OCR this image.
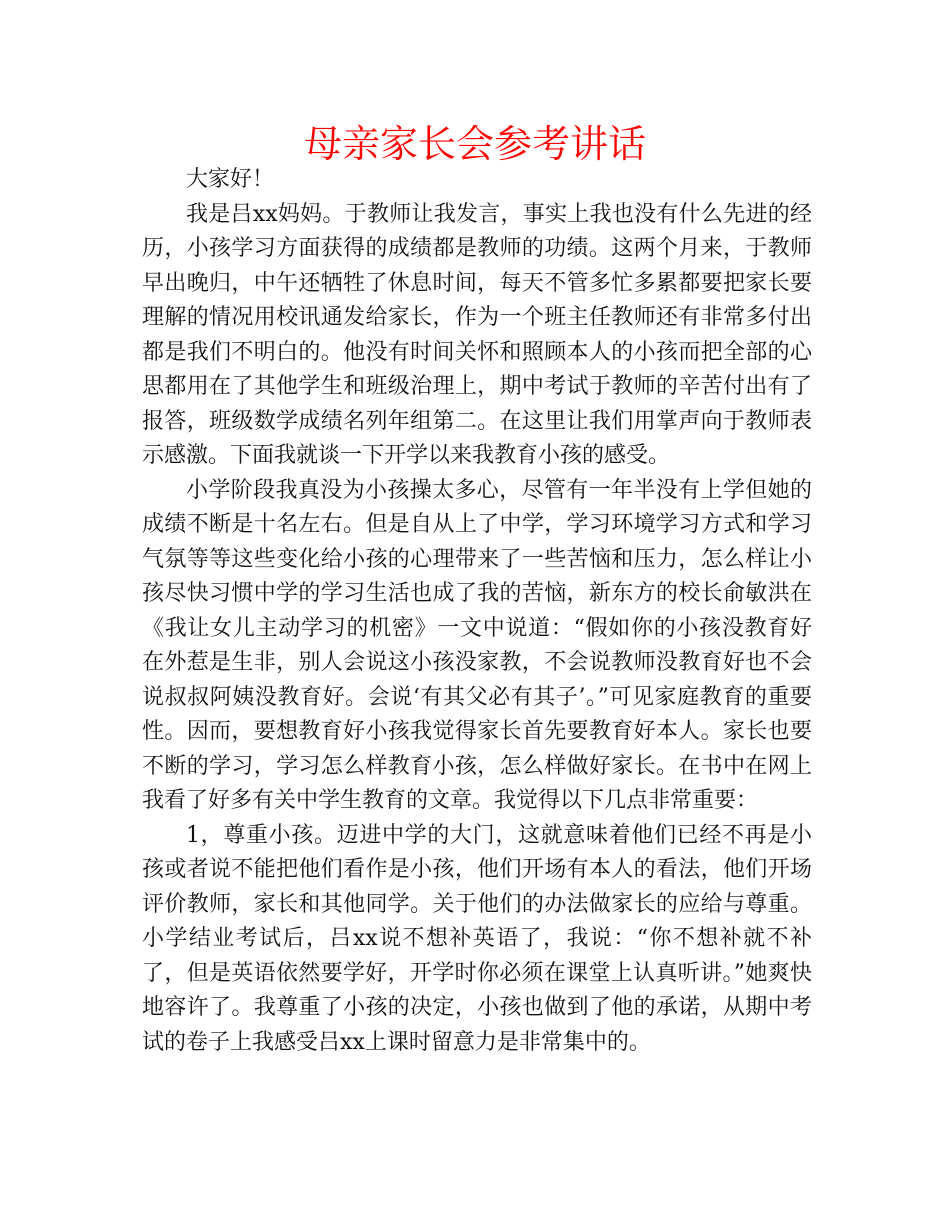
母亲家长会参考讲话

大家好！

我是吕xx妈妈。于教师让我发言，事实上我也没有什么先进的经历，小孩学习方面获得的成绩都是教师的功绩。这两个月来，于教师早出晚归，中午还牺牲了休息时间，每天不管多忙多累都要把家长要理解的情况用校讯通发给家长，作为一个班主任教师还有非常多付出都是我们不明白的。他没有时间关怀和照顾本人的小孩而把全部的心思都用在了其他学生和班级治理上，期中考试于教师的辛苦付出有了报答，班级数学成绩名列年组第二。在这里让我们用掌声向于教师表示感激。下面我就谈一下开学以来我教育小孩的感受。

小学阶段我真没为小孩操太多心，尽管有一年半没有上学但她的成绩不断是十名左右。但是自从上了中学，学习环境学习方式和学习气氛等等这些变化给小孩的心理带来了一些苦恼和压力，怎么样让小孩尽快习惯中学的学习生活也成了我的苦恼，新东方的校长俞敏洪在《我让女儿主动学习的机密》一文中说道：“假如你的小孩没教育好在外惹是生非，别人会说这小孩没家教，不会说教师没教育好也不会说叔叔阿姨没教育好。会说‘有其父必有其子’。”可见家庭教育的重要性。因而，要想教育好小孩我觉得家长首先要教育好本人。家长也要不断的学习，学习怎么样教育小孩，怎么样做好家长。在书中在网上我看了好多有关中学生教育的文章。我觉得以下几点非常重要：

1，尊重小孩。迈进中学的大门，这就意味着他们已经不再是小孩或者说不能把他们看作是小孩，他们开场有本人的看法，他们开场评价教师，家长和其他同学。关于他们的办法做家长的应给与尊重。小学结业考试后，吕xx说不想补英语了，我说：“你不想补就不补了，但是英语依然要学好，开学时你必须在课堂上认真听讲。”她爽快地容许了。我尊重了小孩的决定，小孩也做到了他的承诺，从期中考试的卷子上我感受吕xx上课时留意力是非常集中的。
